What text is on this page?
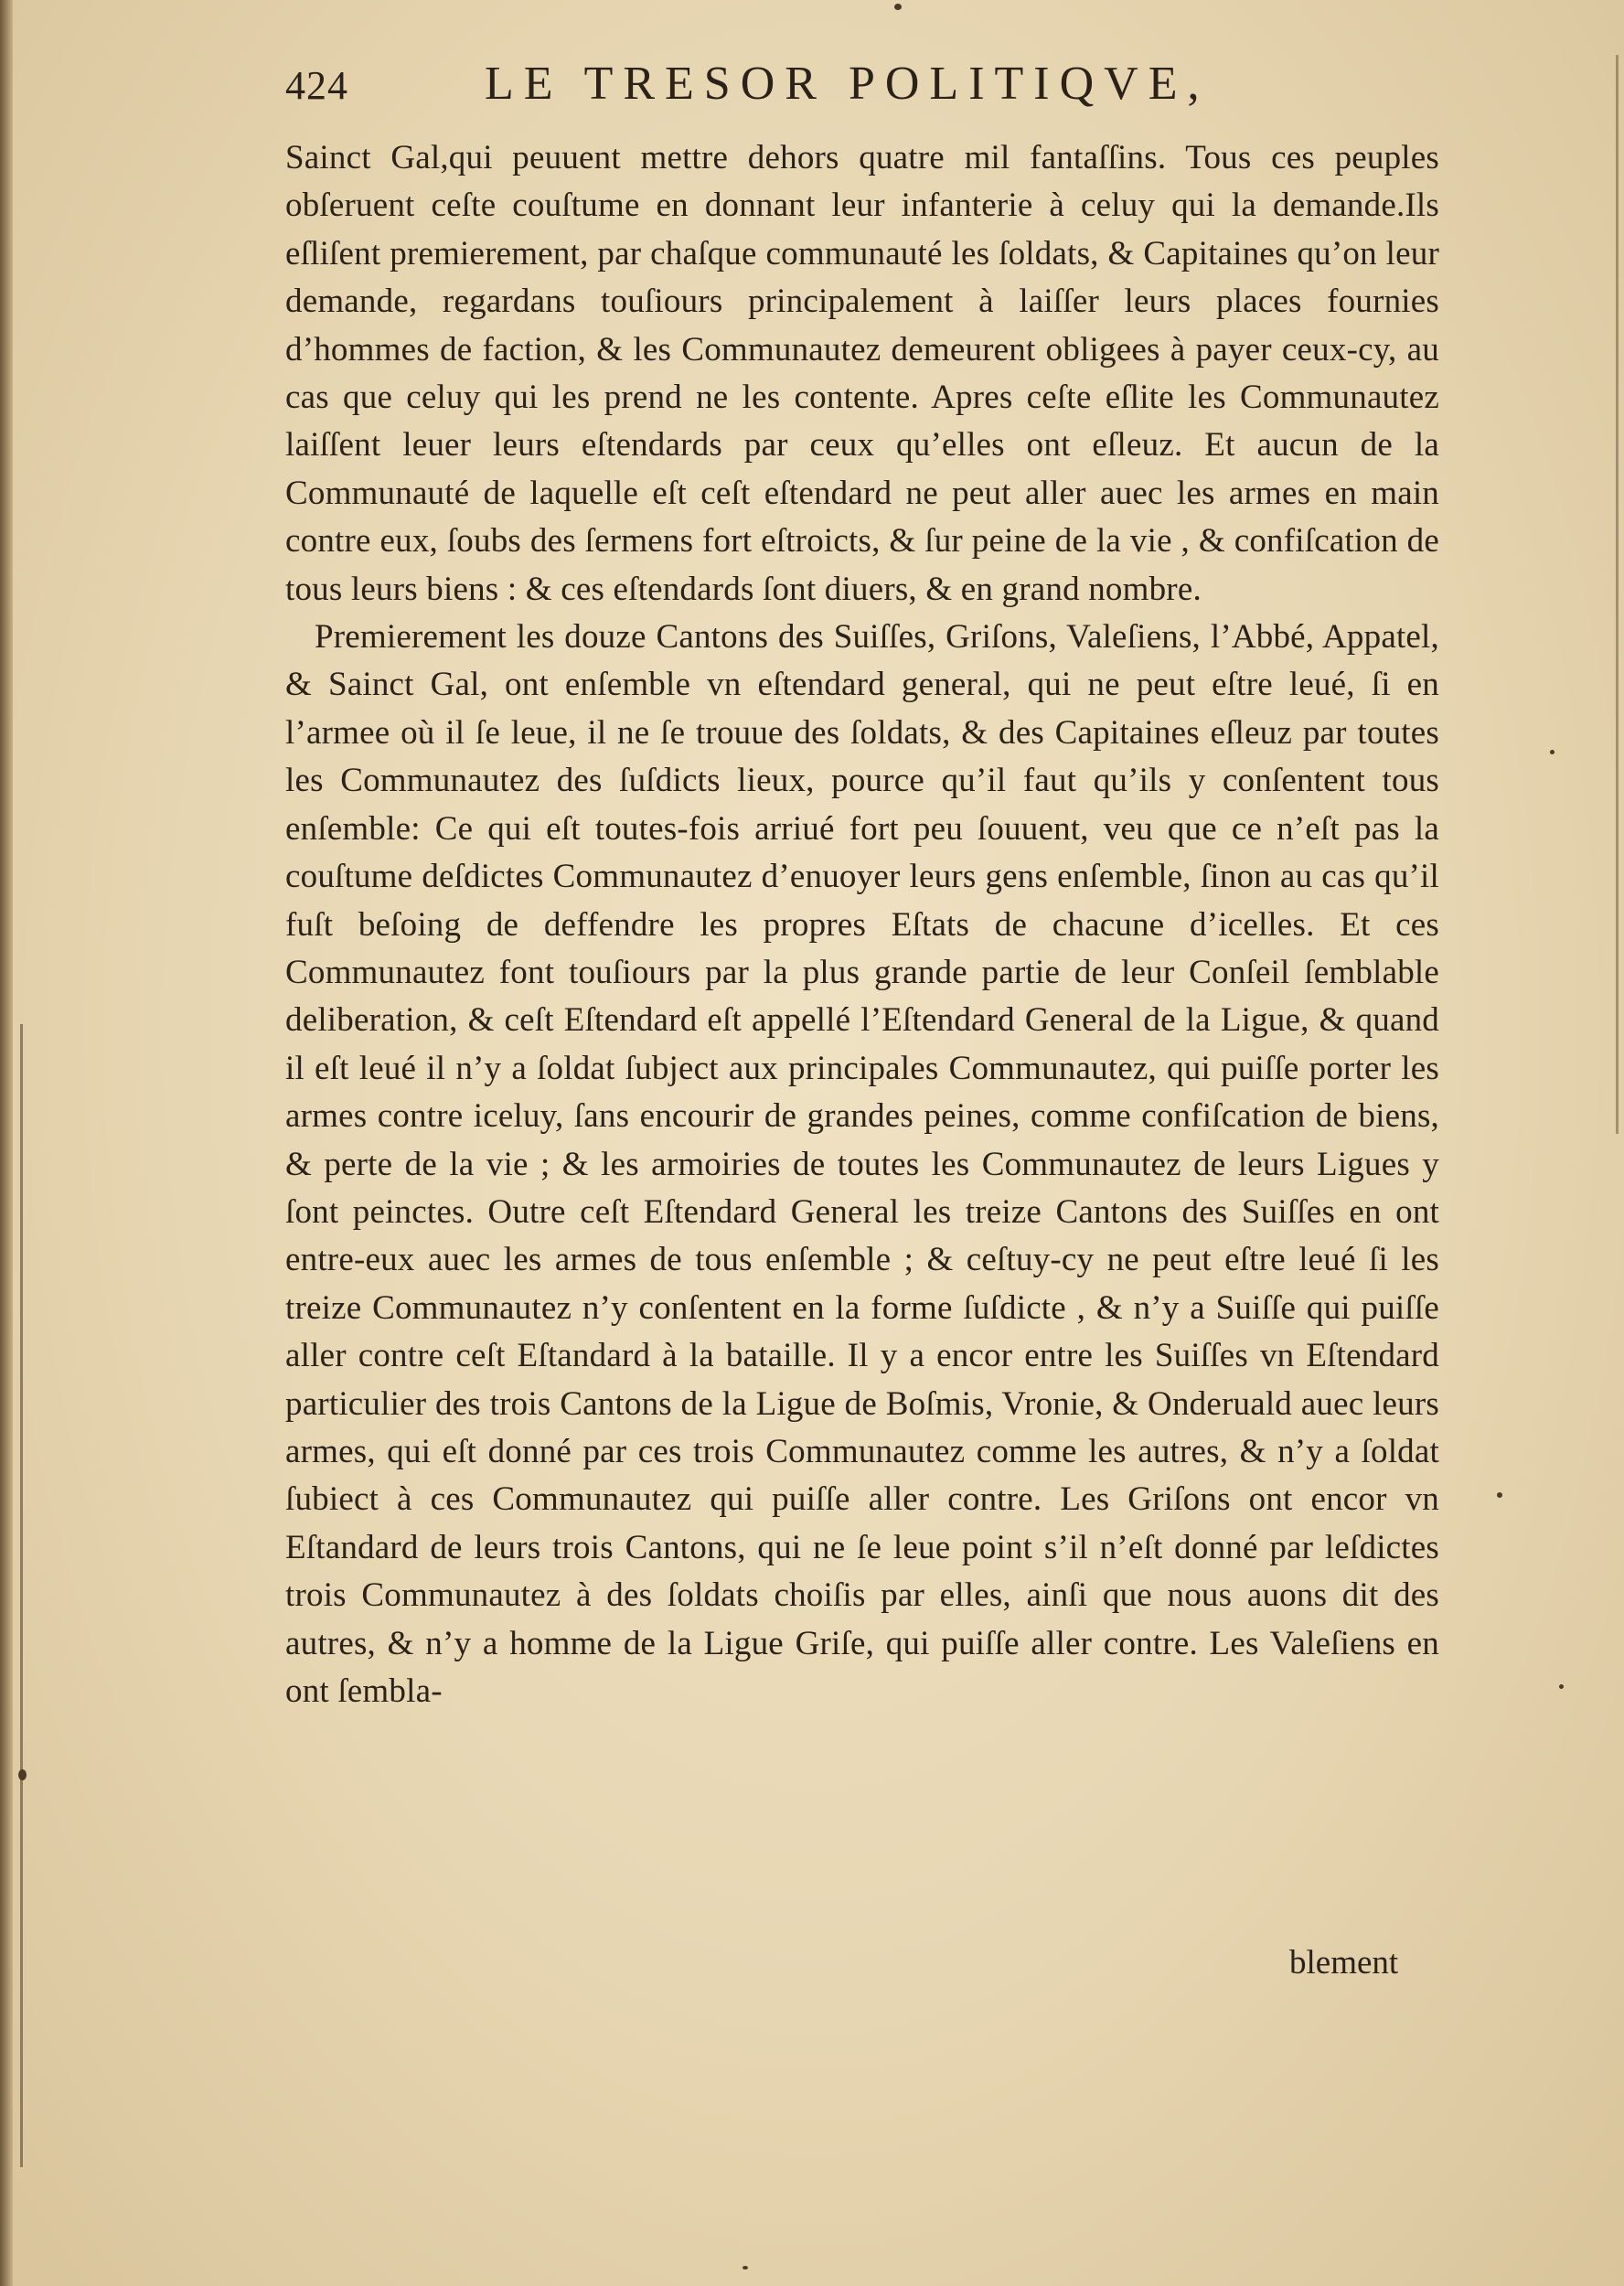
424	LE TRESOR POLITIQVE,

Sainct Gal,qui peuuent mettre dehors quatre mil fantaſſins. Tous ces peuples obſeruent ceſte couſtume en donnant leur infanterie à celuy qui la demande.Ils eſliſent premierement, par chaſque communauté les ſoldats, & Capitaines qu’on leur demande, regardans touſiours principalement à laiſſer leurs places fournies d’hommes de faction, & les Communautez demeurent obligees à payer ceux-cy, au cas que celuy qui les prend ne les contente. Apres ceſte eſlite les Communautez laiſſent leuer leurs eſtendards par ceux qu’elles ont eſleuz. Et aucun de la Communauté de laquelle eſt ceſt eſtendard ne peut aller auec les armes en main contre eux, ſoubs des ſermens fort eſtroicts, & ſur peine de la vie , & confiſcation de tous leurs biens : & ces eſtendards ſont diuers, & en grand nombre.

Premierement les douze Cantons des Suiſſes, Griſons, Valeſiens, l’Abbé, Appatel, & Sainct Gal, ont enſemble vn eſtendard general, qui ne peut eſtre leué, ſi en l’armee où il ſe leue, il ne ſe trouue des ſoldats, & des Capitaines eſleuz par toutes les Communautez des ſuſdicts lieux, pource qu’il faut qu’ils y conſentent tous enſemble: Ce qui eſt toutes-fois arriué fort peu ſouuent, veu que ce n’eſt pas la couſtume deſdictes Communautez d’enuoyer leurs gens enſemble, ſinon au cas qu’il fuſt beſoing de deffendre les propres Eſtats de chacune d’icelles. Et ces Communautez font touſiours par la plus grande partie de leur Conſeil ſemblable deliberation, & ceſt Eſtendard eſt appellé l’Eſtendard General de la Ligue, & quand il eſt leué il n’y a ſoldat ſubject aux principales Communautez, qui puiſſe porter les armes contre iceluy, ſans encourir de grandes peines, comme confiſcation de biens, & perte de la vie ; & les armoiries de toutes les Communautez de leurs Ligues y ſont peinctes. Outre ceſt Eſtendard General les treize Cantons des Suiſſes en ont entre-eux auec les armes de tous enſemble ; & ceſtuy-cy ne peut eſtre leué ſi les treize Communautez n’y conſentent en la forme ſuſdicte , & n’y a Suiſſe qui puiſſe aller contre ceſt Eſtandard à la bataille. Il y a encor entre les Suiſſes vn Eſtendard particulier des trois Cantons de la Ligue de Boſmis, Vronie, & Onderuald auec leurs armes, qui eſt donné par ces trois Communautez comme les autres, & n’y a ſoldat ſubiect à ces Communautez qui puiſſe aller contre. Les Griſons ont encor vn Eſtandard de leurs trois Cantons, qui ne ſe leue point s’il n’eſt donné par leſdictes trois Communautez à des ſoldats choiſis par elles, ainſi que nous auons dit des autres, & n’y a homme de la Ligue Griſe, qui puiſſe aller contre. Les Valeſiens en ont ſembla-

blement
